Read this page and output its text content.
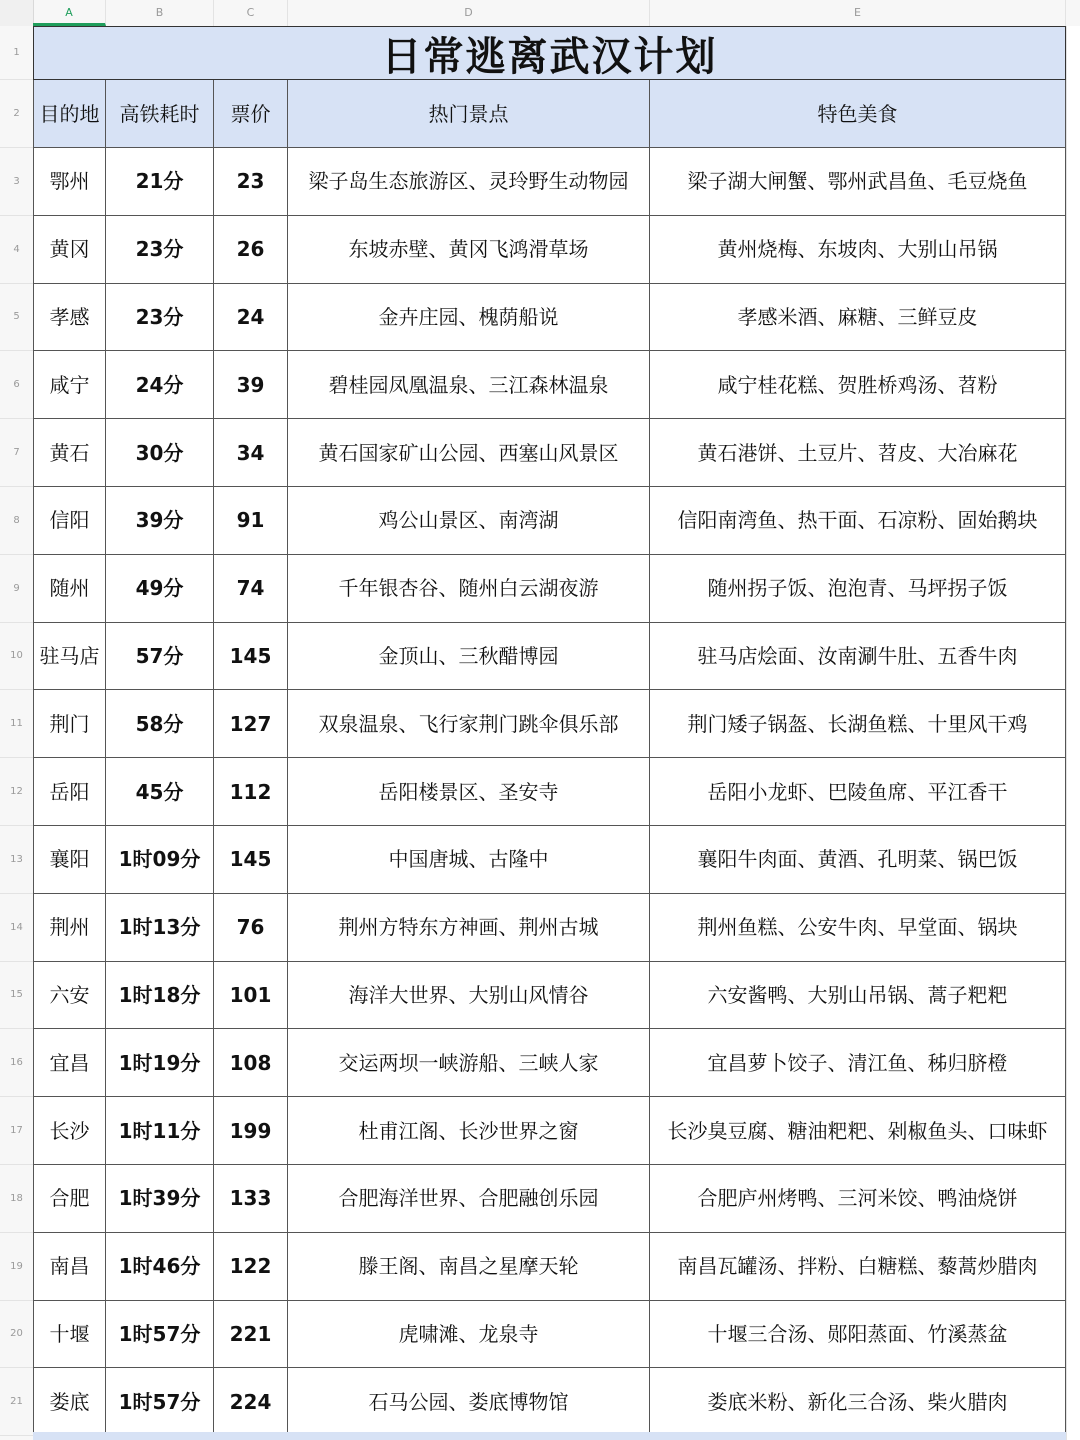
A	B	C	D	E
1
2
3
4
5
6
7
8
9
10
11
12
13
14
15
16
17
18
19
20
21
日常逃离武汉计划
目的地	高铁耗时	票价	热门景点	特色美食
鄂州	21分	23	梁子岛生态旅游区、灵玲野生动物园	梁子湖大闸蟹、鄂州武昌鱼、毛豆烧鱼
黄冈	23分	26	东坡赤壁、黄冈飞鸿滑草场	黄州烧梅、东坡肉、大别山吊锅
孝感	23分	24	金卉庄园、槐荫船说	孝感米酒、麻糖、三鲜豆皮
咸宁	24分	39	碧桂园凤凰温泉、三江森林温泉	咸宁桂花糕、贺胜桥鸡汤、苕粉
黄石	30分	34	黄石国家矿山公园、西塞山风景区	黄石港饼、土豆片、苕皮、大冶麻花
信阳	39分	91	鸡公山景区、南湾湖	信阳南湾鱼、热干面、石凉粉、固始鹅块
随州	49分	74	千年银杏谷、随州白云湖夜游	随州拐子饭、泡泡青、马坪拐子饭
驻马店	57分	145	金顶山、三秋醋博园	驻马店烩面、汝南涮牛肚、五香牛肉
荆门	58分	127	双泉温泉、飞行家荆门跳伞俱乐部	荆门矮子锅盔、长湖鱼糕、十里风干鸡
岳阳	45分	112	岳阳楼景区、圣安寺	岳阳小龙虾、巴陵鱼席、平江香干
襄阳	1时09分	145	中国唐城、古隆中	襄阳牛肉面、黄酒、孔明菜、锅巴饭
荆州	1时13分	76	荆州方特东方神画、荆州古城	荆州鱼糕、公安牛肉、早堂面、锅块
六安	1时18分	101	海洋大世界、大别山风情谷	六安酱鸭、大别山吊锅、蒿子粑粑
宜昌	1时19分	108	交运两坝一峡游船、三峡人家	宜昌萝卜饺子、清江鱼、秭归脐橙
长沙	1时11分	199	杜甫江阁、长沙世界之窗	长沙臭豆腐、糖油粑粑、剁椒鱼头、口味虾
合肥	1时39分	133	合肥海洋世界、合肥融创乐园	合肥庐州烤鸭、三河米饺、鸭油烧饼
南昌	1时46分	122	滕王阁、南昌之星摩天轮	南昌瓦罐汤、拌粉、白糖糕、藜蒿炒腊肉
十堰	1时57分	221	虎啸滩、龙泉寺	十堰三合汤、郧阳蒸面、竹溪蒸盆
娄底	1时57分	224	石马公园、娄底博物馆	娄底米粉、新化三合汤、柴火腊肉
